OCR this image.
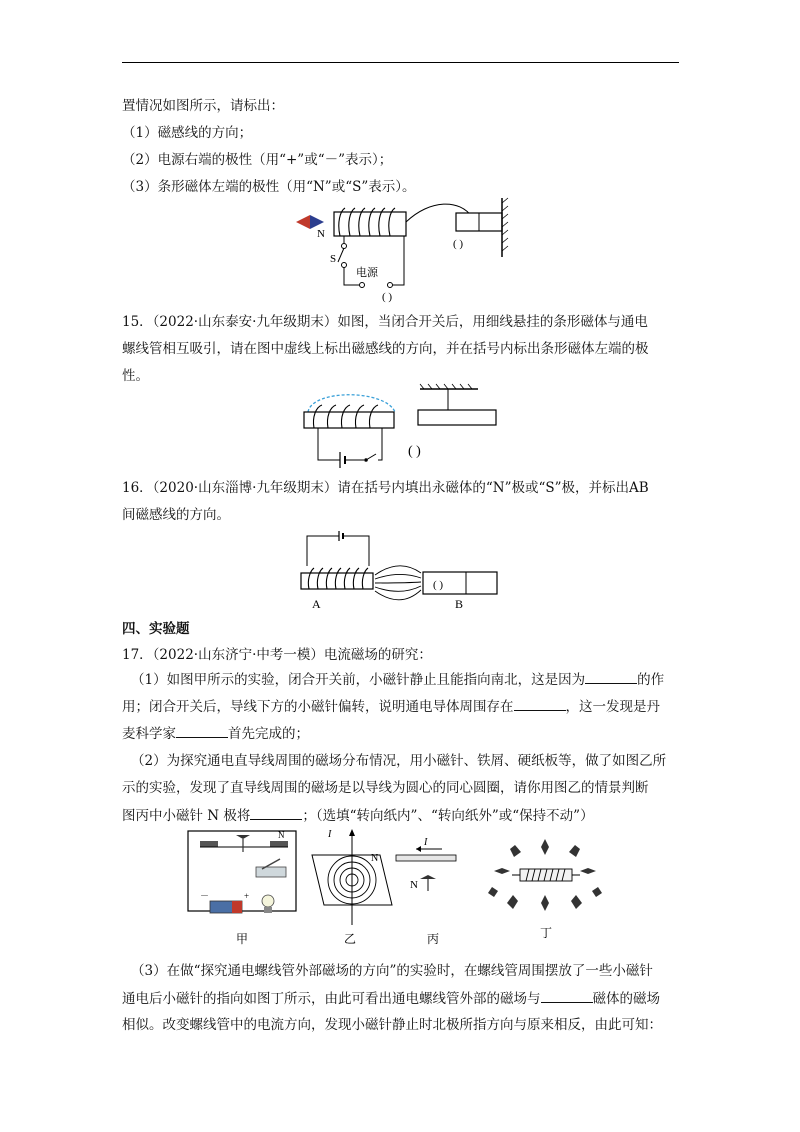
置情况如图所示，请标出：
（1）磁感线的方向；
（2）电源右端的极性（用“+”或“－”表示）；
（3）条形磁体左端的极性（用“N”或“S”表示）。
N
( )
S
电源
( )
15．（2022·山东泰安·九年级期末）如图，当闭合开关后，用细线悬挂的条形磁体与通电
螺线管相互吸引，请在图中虚线上标出磁感线的方向，并在括号内标出条形磁体左端的极
性。
( )
16．（2020·山东淄博·九年级期末）请在括号内填出永磁体的“N”极或“S”极，并标出AB
间磁感线的方向。
A
( )
B
四、实验题
17．（2022·山东济宁·中考一模）电流磁场的研究：
（1）如图甲所示的实验，闭合开关前，小磁针静止且能指向南北，这是因为	的作
用；闭合开关后，导线下方的小磁针偏转，说明通电导体周围存在	，这一发现是丹
麦科学家	首先完成的；
（2）为探究通电直导线周围的磁场分布情况，用小磁针、铁屑、硬纸板等，做了如图乙所
示的实验，发现了直导线周围的磁场是以导线为圆心的同心圆圈，请你用图乙的情景判断
图丙中小磁针 N 极将	；（选填“转向纸内”、“转向纸外”或“保持不动”）
N
－	+
甲
I
N
乙
I
N
丙	丁
（3）在做“探究通电螺线管外部磁场的方向”的实验时，在螺线管周围摆放了一些小磁针
通电后小磁针的指向如图丁所示，由此可看出通电螺线管外部的磁场与	磁体的磁场
相似。改变螺线管中的电流方向，发现小磁针静止时北极所指方向与原来相反，由此可知：
